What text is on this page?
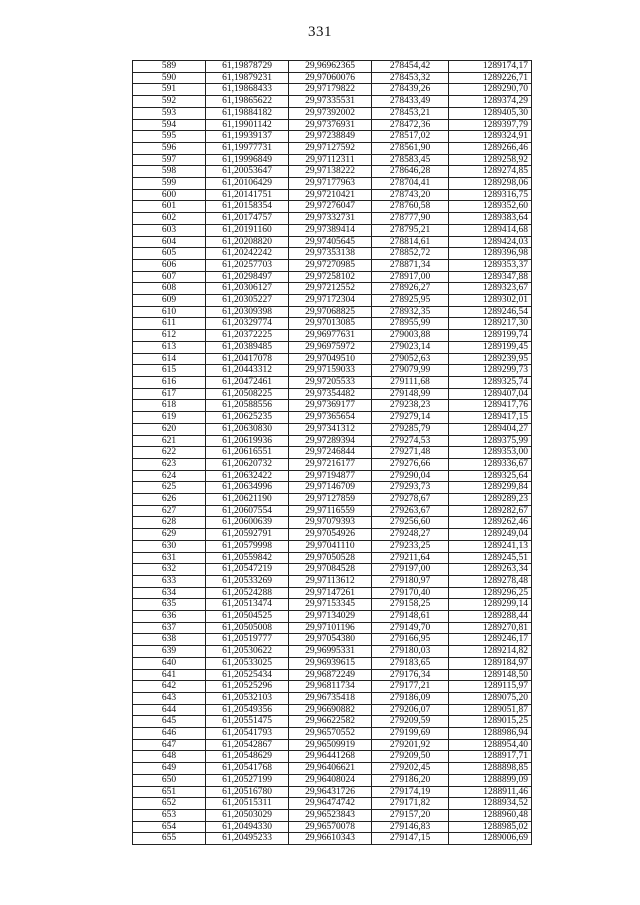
331
589	61,19878729	29,96962365	278454,42	1289174,17
590	61,19879231	29,97060076	278453,32	1289226,71
591	61,19868433	29,97179822	278439,26	1289290,70
592	61,19865622	29,97335531	278433,49	1289374,29
593	61,19884182	29,97392002	278453,21	1289405,30
594	61,19901142	29,97376931	278472,36	1289397,79
595	61,19939137	29,97238849	278517,02	1289324,91
596	61,19977731	29,97127592	278561,90	1289266,46
597	61,19996849	29,97112311	278583,45	1289258,92
598	61,20053647	29,97138222	278646,28	1289274,85
599	61,20106429	29,97177963	278704,41	1289298,06
600	61,20141751	29,97210421	278743,20	1289316,75
601	61,20158354	29,97276047	278760,58	1289352,60
602	61,20174757	29,97332731	278777,90	1289383,64
603	61,20191160	29,97389414	278795,21	1289414,68
604	61,20208820	29,97405645	278814,61	1289424,03
605	61,20242242	29,97353138	278852,72	1289396,98
606	61,20257703	29,97270985	278871,34	1289353,37
607	61,20298497	29,97258102	278917,00	1289347,88
608	61,20306127	29,97212552	278926,27	1289323,67
609	61,20305227	29,97172304	278925,95	1289302,01
610	61,20309398	29,97068825	278932,35	1289246,54
611	61,20329774	29,97013085	278955,99	1289217,30
612	61,20372225	29,96977631	279003,88	1289199,74
613	61,20389485	29,96975972	279023,14	1289199,45
614	61,20417078	29,97049510	279052,63	1289239,95
615	61,20443312	29,97159033	279079,99	1289299,73
616	61,20472461	29,97205533	279111,68	1289325,74
617	61,20508225	29,97354482	279148,99	1289407,04
618	61,20588556	29,97369177	279238,23	1289417,76
619	61,20625235	29,97365654	279279,14	1289417,15
620	61,20630830	29,97341312	279285,79	1289404,27
621	61,20619936	29,97289394	279274,53	1289375,99
622	61,20616551	29,97246844	279271,48	1289353,00
623	61,20620732	29,97216177	279276,66	1289336,67
624	61,20632422	29,97194877	279290,04	1289325,64
625	61,20634996	29,97146709	279293,73	1289299,84
626	61,20621190	29,97127859	279278,67	1289289,23
627	61,20607554	29,97116559	279263,67	1289282,67
628	61,20600639	29,97079393	279256,60	1289262,46
629	61,20592791	29,97054926	279248,27	1289249,04
630	61,20579998	29,97041110	279233,25	1289241,13
631	61,20559842	29,97050528	279211,64	1289245,51
632	61,20547219	29,97084528	279197,00	1289263,34
633	61,20533269	29,97113612	279180,97	1289278,48
634	61,20524288	29,97147261	279170,40	1289296,25
635	61,20513474	29,97153345	279158,25	1289299,14
636	61,20504525	29,97134029	279148,61	1289288,44
637	61,20505008	29,97101196	279149,70	1289270,81
638	61,20519777	29,97054380	279166,95	1289246,17
639	61,20530622	29,96995331	279180,03	1289214,82
640	61,20533025	29,96939615	279183,65	1289184,97
641	61,20525434	29,96872249	279176,34	1289148,50
642	61,20525296	29,96811734	279177,21	1289115,97
643	61,20532103	29,96735418	279186,09	1289075,20
644	61,20549356	29,96690882	279206,07	1289051,87
645	61,20551475	29,96622582	279209,59	1289015,25
646	61,20541793	29,96570552	279199,69	1288986,94
647	61,20542867	29,96509919	279201,92	1288954,40
648	61,20548629	29,96441268	279209,50	1288917,71
649	61,20541768	29,96406621	279202,45	1288898,85
650	61,20527199	29,96408024	279186,20	1288899,09
651	61,20516780	29,96431726	279174,19	1288911,46
652	61,20515311	29,96474742	279171,82	1288934,52
653	61,20503029	29,96523843	279157,20	1288960,48
654	61,20494330	29,96570078	279146,83	1288985,02
655	61,20495233	29,96610343	279147,15	1289006,69
